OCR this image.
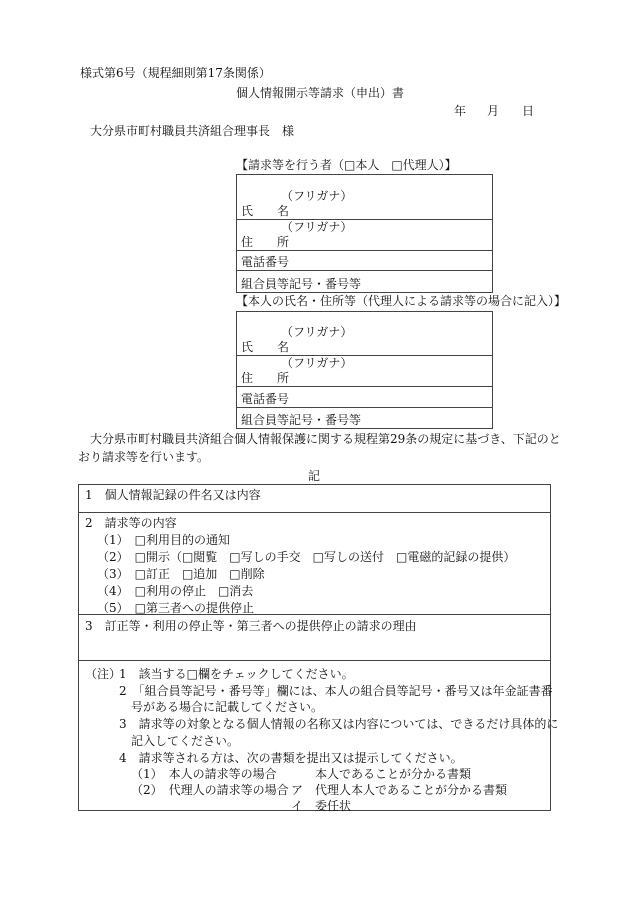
様式第6号（規程細則第17条関係）
個人情報開示等請求（申出）書
年 月 日
大分県市町村職員共済組合理事長　様
【請求等を行う者（□本人　□代理人）】
（フリガナ）
氏　　名

（フリガナ）
住　　所

電話番号
組合員等記号・番号等
【本人の氏名・住所等（代理人による請求等の場合に記入）】
（フリガナ）
氏　　名

（フリガナ）
住　　所

電話番号
組合員等記号・番号等
大分県市町村職員共済組合個人情報保護に関する規程第29条の規定に基づき、下記のと
おり請求等を行います。
記
1　個人情報記録の件名又は内容
2　請求等の内容
（1）　□利用目的の通知
（2）　□開示（□閲覧　□写しの手交　□写しの送付　□電磁的記録の提供）
（3）　□訂正　□追加　□削除
（4）　□利用の停止　□消去
（5）　□第三者への提供停止
3　訂正等・利用の停止等・第三者への提供停止の請求の理由
（注）
1　該当する□欄をチェックしてください。
2　「組合員等記号・番号等」欄には、本人の組合員等記号・番号又は年金証書番
号がある場合に記載してください。
3　請求等の対象となる個人情報の名称又は内容については、できるだけ具体的に
記入してください。
4　請求等される方は、次の書類を提出又は提示してください。
（1）　本人の請求等の場合	本人であることが分かる書類
（2）　代理人の請求等の場合 ア　代理人本人であることが分かる書類
イ　委任状
